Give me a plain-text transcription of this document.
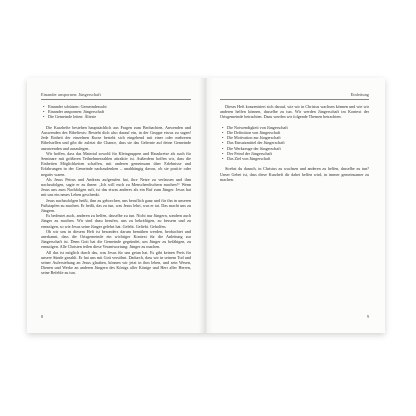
Einander anspornen: Jüngerschaft
• Einander schützen: Gemeindezucht
• Einander anspornen: Jüngerschaft
• Die Gemeinde leiten: Älteste

Die Kurzhefte bestehen hauptsächlich aus Fragen zum Beobachten, Anwenden und Auswenden des Bibeltexts: Besteht dich also darauf ein, in der Gruppe etwas zu sagen! Jede Einheit der einzelnen Kurse besteht sich eingehend mit einer oder mehreren Bibelstellen und gibt dir zuletzt die Chance, dass sie das Gelernte auf deine Gemeinde anzuwenden und auszulegen.

Wir hoffen, dass das Material sowohl für Kleingruppen und Hauskreise als auch für Seminare mit größeren Teilnehmerzahlen attraktiv ist. Außerdem hoffen wir, dass die Einheiten Möglichkeiten schaffen, mit anderen gemeinsam über Erlebnisse und Erfahrungen in der Gemeinde nachzudenken – unabhängig davon, ob sie positiv oder negativ waren.

Als Jesus Petrus und Andreas aufgerufen hat, ihre Netze zu verlassen und ihm nachzufolgen, sagte er zu ihnen: „Ich will euch zu Menschenfischern machen!“ Wenn Jesus uns zum Nachfolgen ruft, ist das etwas anderes als ein Ruf zum Jünger. Jesus hat mit uns ein neues Leben geschenkt.

Jesus nachzufolgen heißt, ihm zu gehorchen, uns beruflich ganz und für ihn in unseren Fußstapfen zu machen. Er heißt, das zu tun, was Jesus lehrt, was er tat. Das macht uns zu Jüngern.

Es bedeutet auch, anderen zu helfen, dasselbe zu tun. Nicht nur Jüngern, sondern auch Jünger zu machen. Wir sind dazu berufen, uns zu bekräftigen, zu bessern und zu ermutigen, so wie Jesus seine Jünger gelehrt hat. Gelebt. Geliebt. Geholfen.

Ob wir uns in diesem Heft ist besonders darum bemühen werden, beobachtet und anerkannt, dass die Ortsgemeinde ein wichtiger Kontext für die Anleitung zur Jüngerschaft ist. Denn Gott hat die Gemeinde gegründet, um Jünger zu befähigen, zu ermutigen. Alle Christen teilen diese Verantwortung: Jünger zu machen.

All das ist möglich durch das, was Jesus für uns getan hat. Es gibt keinen Preis für unsere Sünde gezahlt. Er hat uns mit Gott versöhnt. Dadurch, dass wir in seinem Tod und seiner Auferstehung an Jesus glauben, können wir jetzt in ihm leben, und sein Wesen, Dienen und Werke an anderen Jüngern des Königs aller Könige und Herr aller Herren, seine Befehle zu tun.

8
Einleitung

Dieses Heft konzentriert sich darauf, wie wir in Christus wachsen können und wie wir anderen helfen können, dasselbe zu tun. Wir werden Jüngerschaft im Kontext der Ortsgemeinde betrachten. Dazu werden wir folgende Themen betrachten:

• Die Notwendigkeit von Jüngerschaft
• Die Definition von Jüngerschaft
• Die Motivation zur Jüngerschaft
• Das Einsatzmittel der Jüngerschaft
• Die Werkzeuge der Jüngerschaft
• Der Feind der Jüngerschaft
• Das Ziel von Jüngerschaft

Strebst du danach, in Christus zu wachsen und anderen zu helfen, dasselbe zu tun? Unser Gebet ist, dass diese Kurzheft dir dabei helfen wird, in immer gemeinsamer zu machen.

9
